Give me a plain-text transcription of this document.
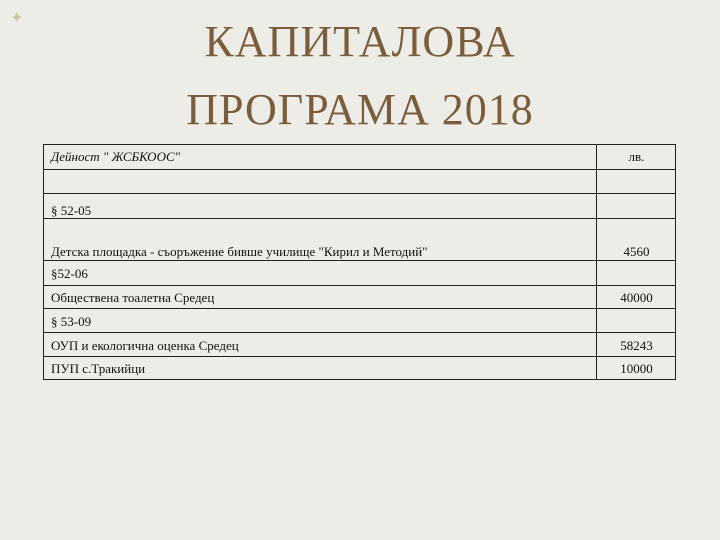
✦	КАПИТАЛОВА
ПРОГРАМА 2018
Дейност " ЖСБКООС"	лв.
§ 52-05
Детска площадка - съоръжение бивше училище "Кирил и Методий"	4560
§52-06
Обществена тоалетна Средец	40000
§ 53-09
ОУП и екологична оценка Средец	58243
ПУП с.Тракийци	10000
